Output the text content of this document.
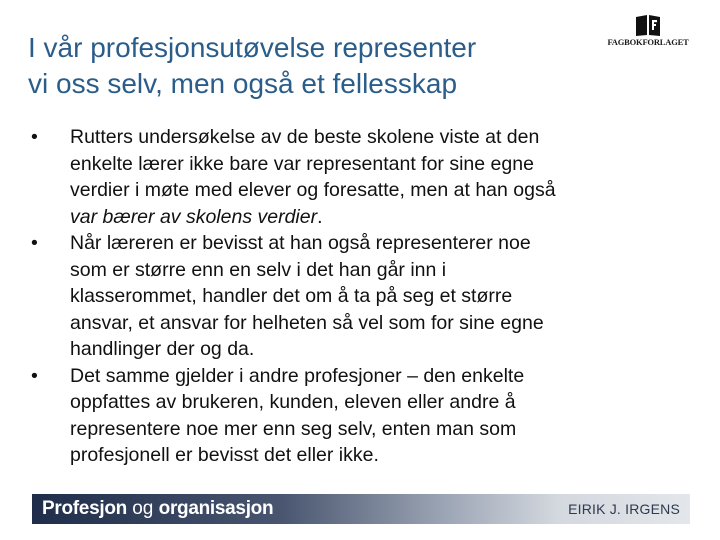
I vår profesjonsutøvelse representer
vi oss selv, men også et fellesskap
FAGBOKFORLAGET
• Rutters undersøkelse av de beste skolene viste at den
enkelte lærer ikke bare var representant for sine egne
verdier i møte med elever og foresatte, men at han også
var bærer av skolens verdier.
• Når læreren er bevisst at han også representerer noe
som er større enn en selv i det han går inn i
klasserommet, handler det om å ta på seg et større
ansvar, et ansvar for helheten så vel som for sine egne
handlinger der og da.
• Det samme gjelder i andre profesjoner – den enkelte
oppfattes av brukeren, kunden, eleven eller andre å
representere noe mer enn seg selv, enten man som
profesjonell er bevisst det eller ikke.
Profesjon og organisasjon	EIRIK J. IRGENS
